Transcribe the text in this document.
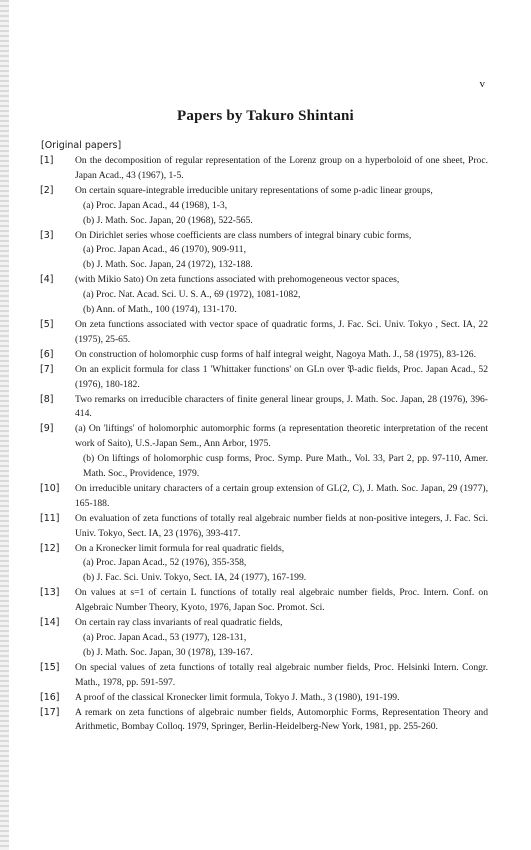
v
Papers by Takuro Shintani
[Original papers]
[1]	On the decomposition of regular representation of the Lorenz group on a hyperboloid of one sheet, Proc. Japan Acad., 43 (1967), 1-5.
[2]	On certain square-integrable irreducible unitary representations of some p-adic linear groups,
(a) Proc. Japan Acad., 44 (1968), 1-3,
(b) J. Math. Soc. Japan, 20 (1968), 522-565.
[3]	On Dirichlet series whose coefficients are class numbers of integral binary cubic forms,
(a) Proc. Japan Acad., 46 (1970), 909-911,
(b) J. Math. Soc. Japan, 24 (1972), 132-188.
[4]	(with Mikio Sato) On zeta functions associated with prehomogeneous vector spaces,
(a) Proc. Nat. Acad. Sci. U. S. A., 69 (1972), 1081-1082,
(b) Ann. of Math., 100 (1974), 131-170.
[5]	On zeta functions associated with vector space of quadratic forms, J. Fac. Sci. Univ. Tokyo , Sect. IA, 22 (1975), 25-65.
[6]	On construction of holomorphic cusp forms of half integral weight, Nagoya Math. J., 58 (1975), 83-126.
[7]	On an explicit formula for class 1 'Whittaker functions' on GLn over 𝔓-adic fields, Proc. Japan Acad., 52 (1976), 180-182.
[8]	Two remarks on irreducible characters of finite general linear groups, J. Math. Soc. Japan, 28 (1976), 396-414.
[9]	(a) On 'liftings' of holomorphic automorphic forms (a representation theoretic interpretation of the recent work of Saito), U.S.-Japan Sem., Ann Arbor, 1975.
(b) On liftings of holomorphic cusp forms, Proc. Symp. Pure Math., Vol. 33, Part 2, pp. 97-110, Amer. Math. Soc., Providence, 1979.
[10]	On irreducible unitary characters of a certain group extension of GL(2, C), J. Math. Soc. Japan, 29 (1977), 165-188.
[11]	On evaluation of zeta functions of totally real algebraic number fields at non-positive integers, J. Fac. Sci. Univ. Tokyo, Sect. IA, 23 (1976), 393-417.
[12]	On a Kronecker limit formula for real quadratic fields,
(a) Proc. Japan Acad., 52 (1976), 355-358,
(b) J. Fac. Sci. Univ. Tokyo, Sect. IA, 24 (1977), 167-199.
[13]	On values at s=1 of certain L functions of totally real algebraic number fields, Proc. Intern. Conf. on Algebraic Number Theory, Kyoto, 1976, Japan Soc. Promot. Sci.
[14]	On certain ray class invariants of real quadratic fields,
(a) Proc. Japan Acad., 53 (1977), 128-131,
(b) J. Math. Soc. Japan, 30 (1978), 139-167.
[15]	On special values of zeta functions of totally real algebraic number fields, Proc. Helsinki Intern. Congr. Math., 1978, pp. 591-597.
[16]	A proof of the classical Kronecker limit formula, Tokyo J. Math., 3 (1980), 191-199.
[17]	A remark on zeta functions of algebraic number fields, Automorphic Forms, Representation Theory and Arithmetic, Bombay Colloq. 1979, Springer, Berlin-Heidelberg-New York, 1981, pp. 255-260.
